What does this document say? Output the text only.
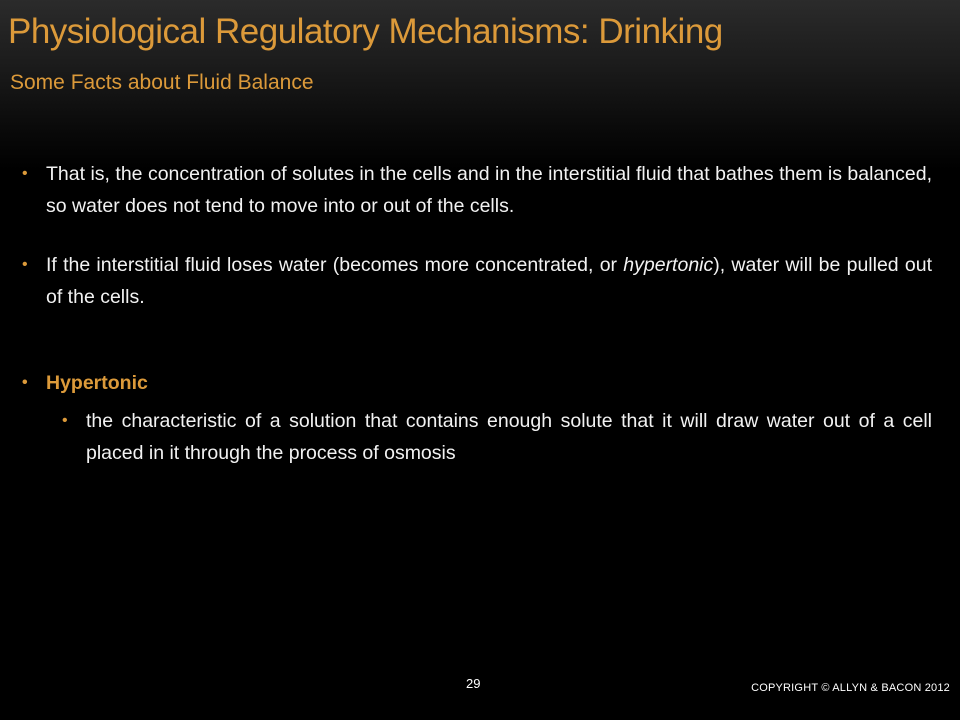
Physiological Regulatory Mechanisms: Drinking
Some Facts about Fluid Balance
• That is, the concentration of solutes in the cells and in the interstitial fluid that bathes them is balanced, so water does not tend to move into or out of the cells.
• If the interstitial fluid loses water (becomes more concentrated, or hypertonic), water will be pulled out of the cells.
• Hypertonic
• the characteristic of a solution that contains enough solute that it will draw water out of a cell placed in it through the process of osmosis
29	COPYRIGHT © ALLYN & BACON 2012
